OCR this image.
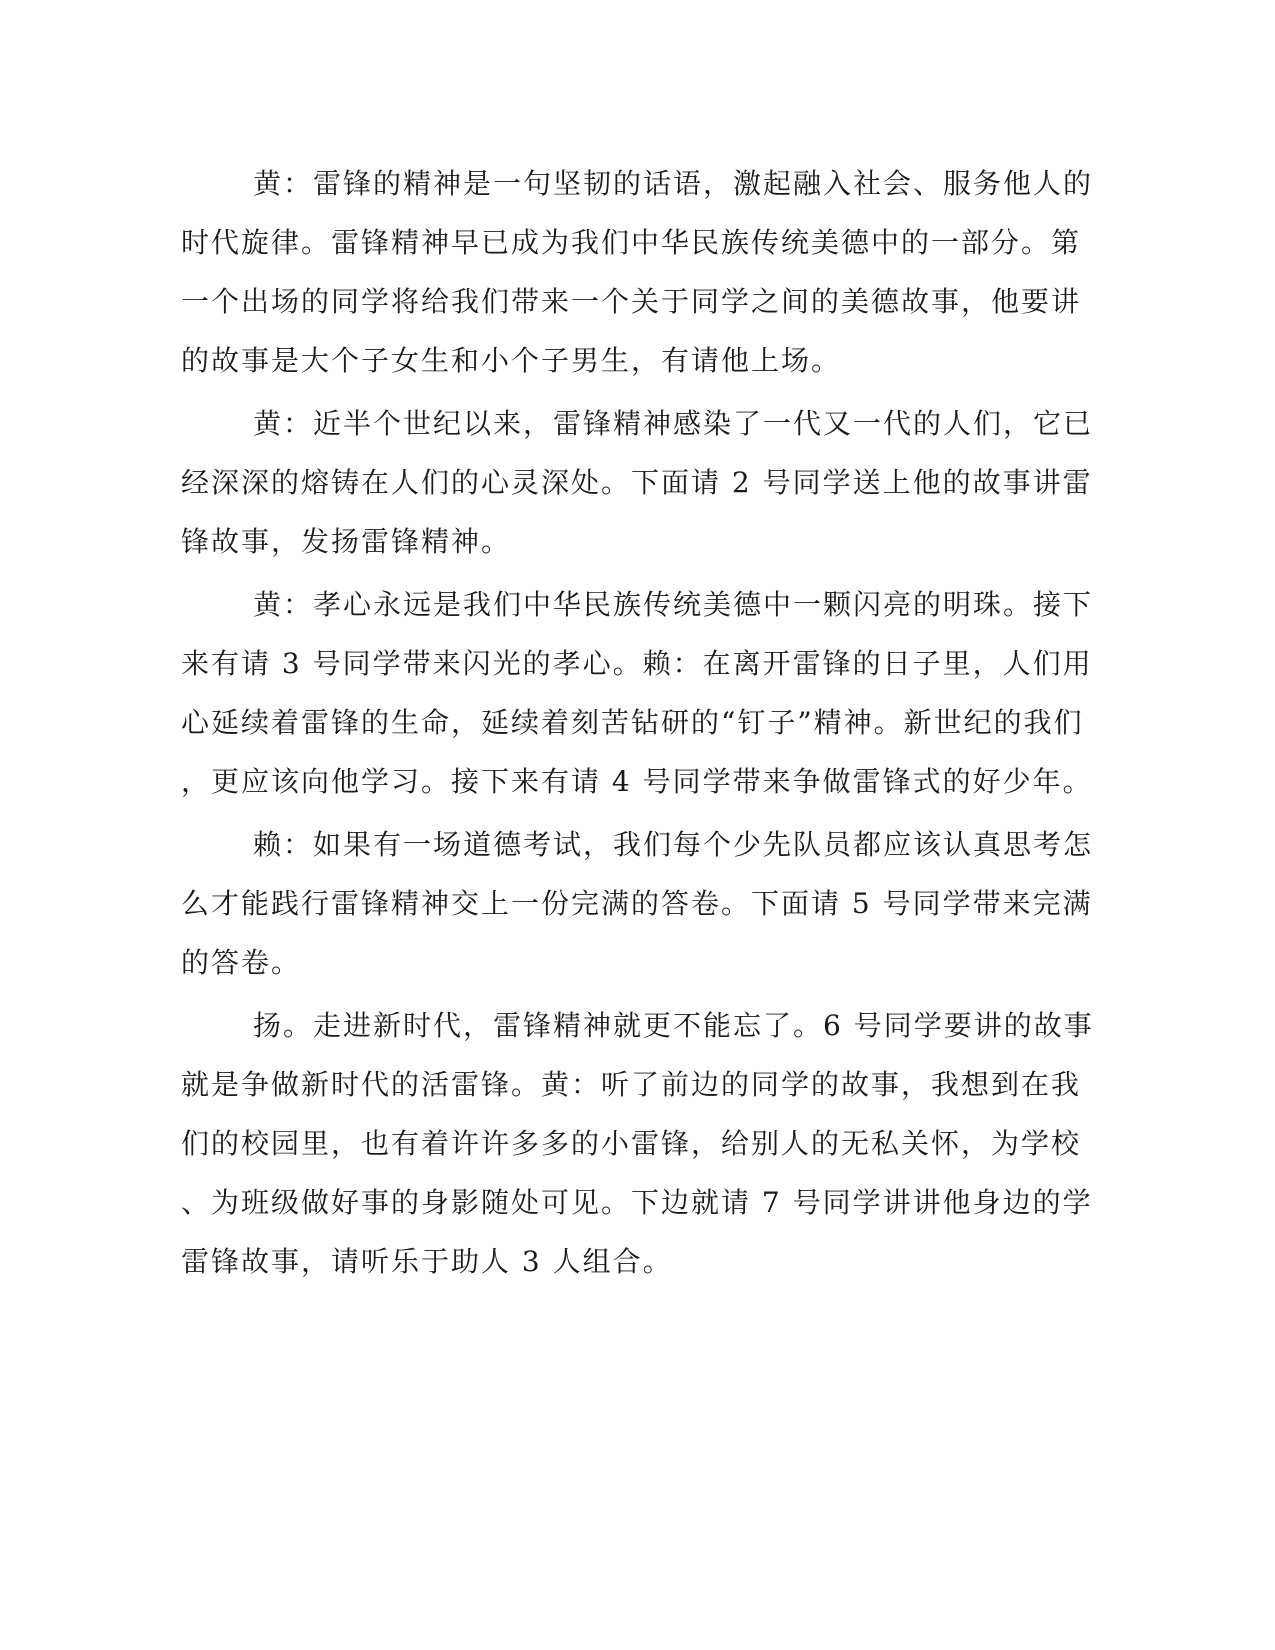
黄：雷锋的精神是一句坚韧的话语，激起融入社会、服务他人的
时代旋律。雷锋精神早已成为我们中华民族传统美德中的一部分。第
一个出场的同学将给我们带来一个关于同学之间的美德故事，他要讲
的故事是大个子女生和小个子男生，有请他上场。
黄：近半个世纪以来，雷锋精神感染了一代又一代的人们，它已
经深深的熔铸在人们的心灵深处。下面请 2 号同学送上他的故事讲雷
锋故事，发扬雷锋精神。
黄：孝心永远是我们中华民族传统美德中一颗闪亮的明珠。接下
来有请 3 号同学带来闪光的孝心。赖：在离开雷锋的日子里，人们用
心延续着雷锋的生命，延续着刻苦钻研的“钉子”精神。新世纪的我们
，更应该向他学习。接下来有请 4 号同学带来争做雷锋式的好少年。
赖：如果有一场道德考试，我们每个少先队员都应该认真思考怎
么才能践行雷锋精神交上一份完满的答卷。下面请 5 号同学带来完满
的答卷。
扬。走进新时代，雷锋精神就更不能忘了。6 号同学要讲的故事
就是争做新时代的活雷锋。黄：听了前边的同学的故事，我想到在我
们的校园里，也有着许许多多的小雷锋，给别人的无私关怀，为学校
、为班级做好事的身影随处可见。下边就请 7 号同学讲讲他身边的学
雷锋故事，请听乐于助人 3 人组合。
